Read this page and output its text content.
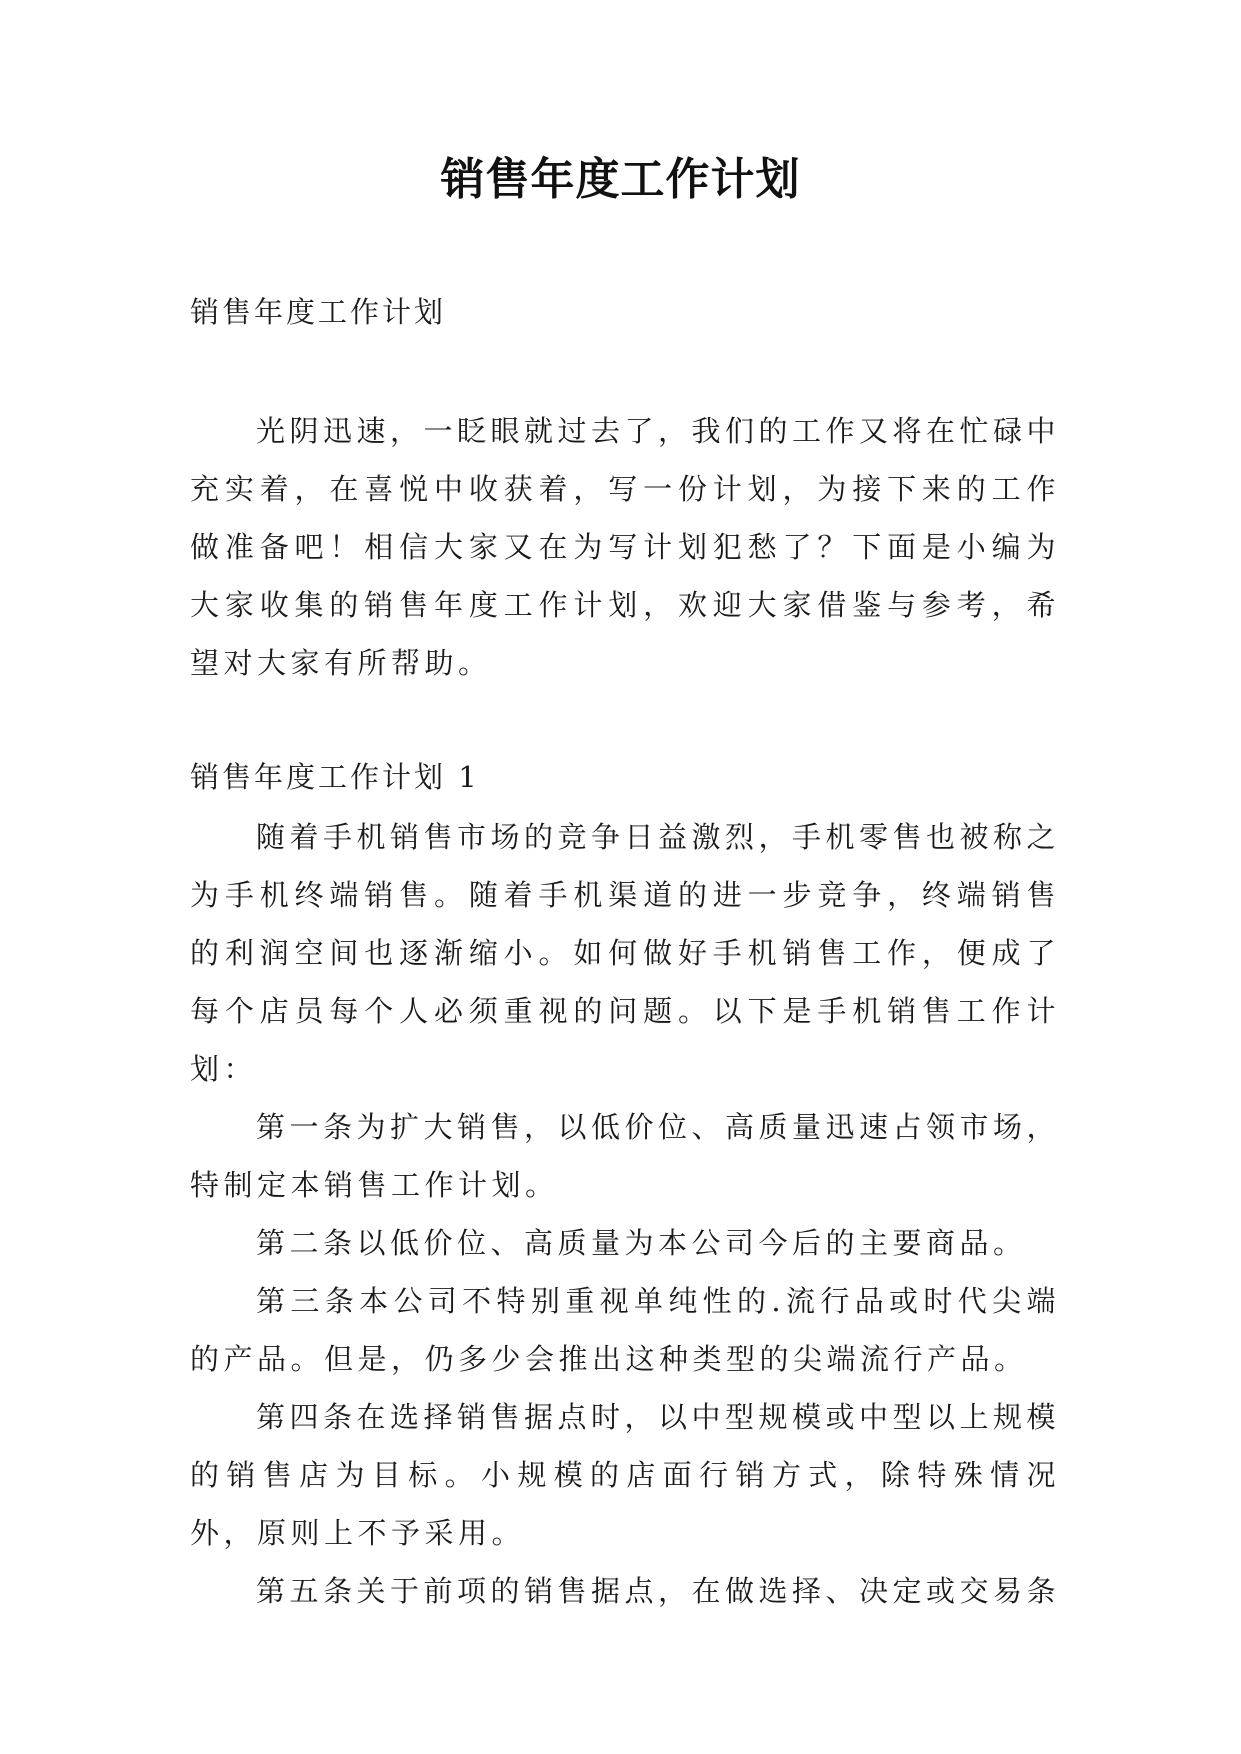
销售年度工作计划
销售年度工作计划

光阴迅速，一眨眼就过去了，我们的工作又将在忙碌中充实着，在喜悦中收获着，写一份计划，为接下来的工作做准备吧！相信大家又在为写计划犯愁了？下面是小编为大家收集的销售年度工作计划，欢迎大家借鉴与参考，希望对大家有所帮助。

销售年度工作计划 1

随着手机销售市场的竞争日益激烈，手机零售也被称之为手机终端销售。随着手机渠道的进一步竞争，终端销售的利润空间也逐渐缩小。如何做好手机销售工作，便成了每个店员每个人必须重视的问题。以下是手机销售工作计划：

第一条为扩大销售，以低价位、高质量迅速占领市场，特制定本销售工作计划。

第二条以低价位、高质量为本公司今后的主要商品。

第三条本公司不特别重视单纯性的.流行品或时代尖端的产品。但是，仍多少会推出这种类型的尖端流行产品。

第四条在选择销售据点时，以中型规模或中型以上规模的销售店为目标。小规模的店面行销方式，除特殊情况外，原则上不予采用。

第五条关于前项的销售据点，在做选择、决定或交易条
